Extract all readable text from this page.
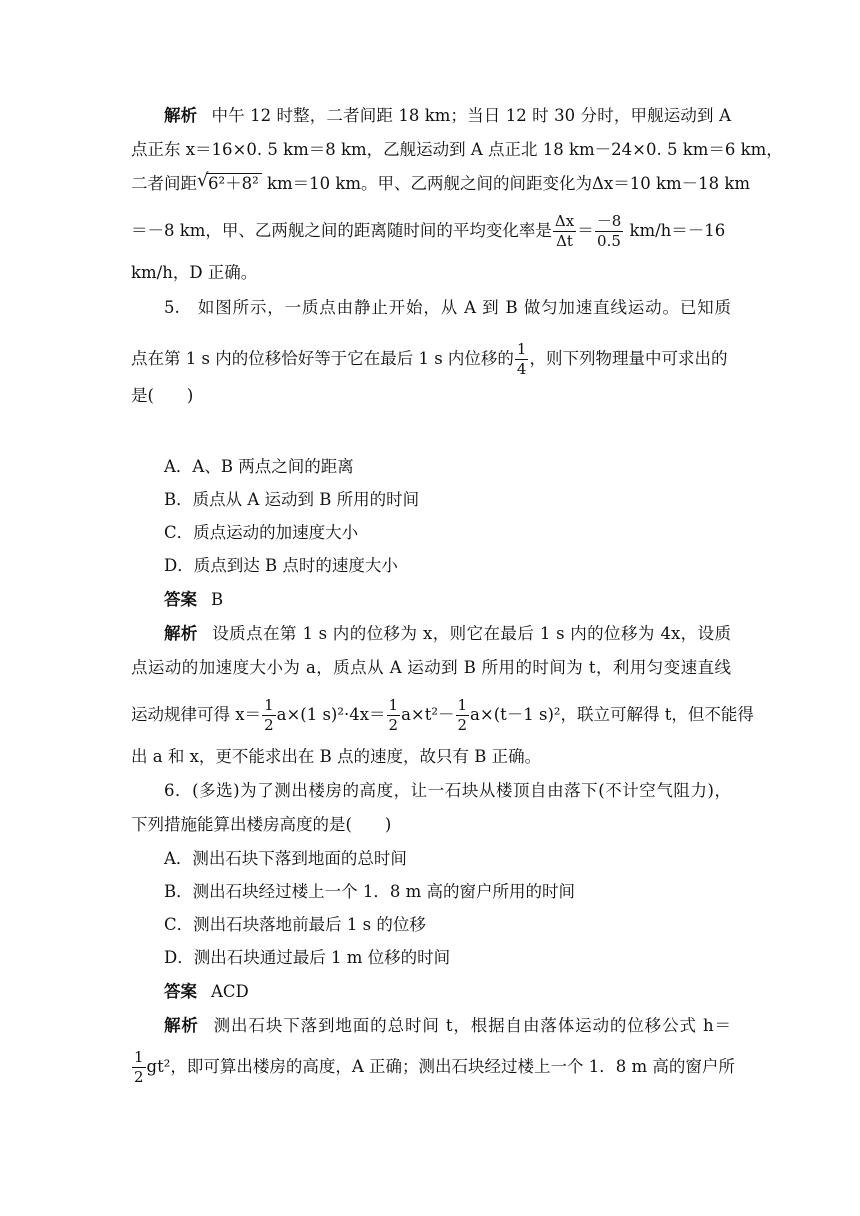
解析 中午 12 时整，二者间距 18 km；当日 12 时 30 分时，甲舰运动到 A
点正东 x＝16×0. 5 km＝8 km，乙舰运动到 A 点正北 18 km－24×0. 5 km＝6 km，
二者间距 √ 6²＋8² km＝10 km。甲、乙两舰之间的间距变化为Δx＝10 km－18 km
＝－8 km，甲、乙两舰之间的距离随时间的平均变化率是 $\frac{\Delta x}{\Delta t} = \frac{-8}{0.5} km/h=-16$
km/h，D 正确。
5.　如图所示，一质点由静止开始，从 A 到 B 做匀加速直线运动。已知质
点在第 1 s 内的位移恰好等于它在最后 1 s 内位移的 $\frac{1}{4}$ ，则下列物理量中可求出的
是(　　)
A．A、B 两点之间的距离
B．质点从 A 运动到 B 所用的时间
C．质点运动的加速度大小
D．质点到达 B 点时的速度大小
答案 B
解析 设质点在第 1 s 内的位移为 x，则它在最后 1 s 内的位移为 4x，设质
点运动的加速度大小为 a，质点从 A 运动到 B 所用的时间为 t，利用匀变速直线
运动规律可得 $x= \frac{1}{2} a\times(1$ $s)^2\cdot 4x= \frac{1}{2} a\times t^2- \frac{1}{2} a\times(t-1$ s)²，联立可解得 t，但不能得
出 a 和 x，更不能求出在 B 点的速度，故只有 B 正确。
6．(多选)为了测出楼房的高度，让一石块从楼顶自由落下(不计空气阻力)，
下列措施能算出楼房高度的是(　　)
A．测出石块下落到地面的总时间
B．测出石块经过楼上一个 1．8 m 高的窗户所用的时间
C．测出石块落地前最后 1 s 的位移
D．测出石块通过最后 1 m 位移的时间
答案 ACD
解析 测出石块下落到地面的总时间 t，根据自由落体运动的位移公式 h＝
$\frac{1}{2} gt^2$，即可算出楼房的高度，A 正确；测出石块经过楼上一个 1．8 m 高的窗户所
